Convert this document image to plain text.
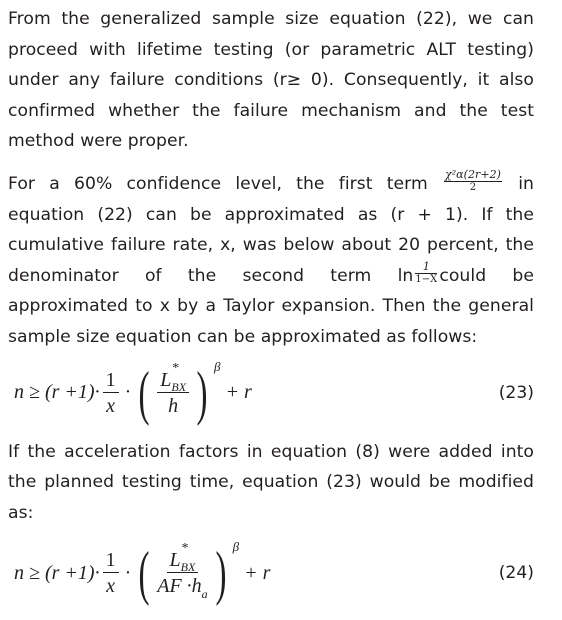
From the generalized sample size equation (22), we can proceed with lifetime testing (or parametric ALT testing) under any failure conditions (r≥ 0). Consequently, it also confirmed whether the failure mechanism and the test method were proper.

For a 60% confidence level, the first term $\frac{\text{χ²α(2r+2)}}{2}$ in equation (22) can be approximated as (r + 1). If the cumulative failure rate, x, was below about 20 percent, the denominator of the second term $\ln \frac{1}{1-X}$ could be approximated to x by a Taylor expansion. Then the general sample size equation can be approximated as follows:

$n \ge (r +1)\cdot \frac{1}{x}$ · ( L
*
$_{BX}$
h ) β
+ r	(23)

If the acceleration factors in equation (8) were added into the planned testing time, equation (23) would be modified as:

$n \ge (r +1)\cdot \frac{1}{x}$ · ( L
*
$_{BX}$
AF $\cdot h_a$ ) β
+ r	(24)
